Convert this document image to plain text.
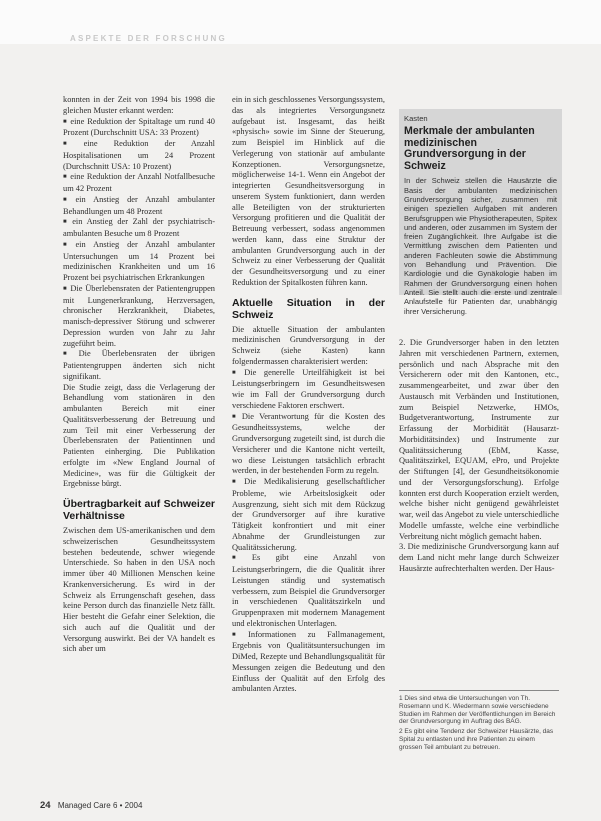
ASPEKTE DER FORSCHUNG

konnten in der Zeit von 1994 bis 1998 die gleichen Muster erkannt werden:

■ eine Reduktion der Spitaltage um rund 40 Prozent (Durchschnitt USA: 33 Prozent)

■ eine Reduktion der Anzahl Hospitalisationen um 24 Prozent (Durchschnitt USA: 10 Prozent)

■ eine Reduktion der Anzahl Notfallbesuche um 42 Prozent

■ ein Anstieg der Anzahl ambulanter Behandlungen um 48 Prozent

■ ein Anstieg der Zahl der psychiatrisch-ambulanten Besuche um 8 Prozent

■ ein Anstieg der Anzahl ambulanter Untersuchungen um 14 Prozent bei medizinischen Krankheiten und um 16 Prozent bei psychiatrischen Erkrankungen

■ Die Überlebensraten der Patientengruppen mit Lungenerkrankung, Herzversagen, chronischer Herzkrankheit, Diabetes, manisch-depressiver Störung und schwerer Depression wurden von Jahr zu Jahr zugeführt beim.

■ Die Überlebensraten der übrigen Patientengruppen änderten sich nicht signifikant.

Die Studie zeigt, dass die Verlagerung der Behandlung vom stationären in den ambulanten Bereich mit einer Qualitätsverbesserung der Betreuung und zum Teil mit einer Verbesserung der Überlebensraten der Patientinnen und Patienten einherging. Die Publikation erfolgte im «New England Journal of Medicine», was für die Gültigkeit der Ergebnisse bürgt.

Übertragbarkeit auf Schweizer Verhältnisse

Zwischen dem US-amerikanischen und dem schweizerischen Gesundheitssystem bestehen bedeutende, schwer wiegende Unterschiede. So haben in den USA noch immer über 40 Millionen Menschen keine Krankenversicherung. Es wird in der Schweiz als Errungenschaft gesehen, dass keine Person durch das finanzielle Netz fällt. Hier besteht die Gefahr einer Selektion, die sich auch auf die Qualität und der Versorgung auswirkt. Bei der VA handelt es sich aber um

ein in sich geschlossenes Versorgungssystem, das als integriertes Versorgungsnetz aufgebaut ist. Insgesamt, das heißt «physisch» sowie im Sinne der Steuerung, zum Beispiel im Hinblick auf die Verlegerung von stationär auf ambulante Konzeptionen. Versorgungsnetze, möglicherweise 14-1. Wenn ein Angebot der integrierten Gesundheitsversorgung in unserem System funktioniert, dann werden alle Beteiligten von der strukturierten Versorgung profitieren und die Qualität der Betreuung verbessert, sodass angenommen werden kann, dass eine Struktur der ambulanten Grundversorgung auch in der Schweiz zu einer Verbesserung der Qualität der Gesundheitsversorgung und zu einer Reduktion der Spitalkosten führen kann.

Aktuelle Situation in der Schweiz

Die aktuelle Situation der ambulanten medizinischen Grundversorgung in der Schweiz (siehe Kasten) kann folgendermassen charakterisiert werden:

■ Die generelle Urteilfähigkeit ist bei Leistungserbringern im Gesundheitswesen wie im Fall der Grundversorgung durch verschiedene Faktoren erschwert.

■ Die Verantwortung für die Kosten des Gesundheitssystems, welche der Grundversorgung zugeteilt sind, ist durch die Versicherer und die Kantone nicht verteilt, wo diese Leistungen tatsächlich erbracht werden, in der bestehenden Form zu regeln.

■ Die Medikalisierung gesellschaftlicher Probleme, wie Arbeitslosigkeit oder Ausgrenzung, sieht sich mit dem Rückzug der Grundversorger auf ihre kurative Tätigkeit konfrontiert und mit einer Abnahme der Grundleistungen zur Qualitätssicherung.

■ Es gibt eine Anzahl von Leistungserbringern, die die Qualität ihrer Leistungen ständig und systematisch verbessern, zum Beispiel die Grundversorger in verschiedenen Qualitätszirkeln und Gruppenpraxen mit modernem Management und elektronischen Unterlagen.

■ Informationen zu Fallmanagement, Ergebnis von Qualitätsuntersuchungen im DiMed, Rezepte und Behandlungsqualität für Messungen zeigen die Bedeutung und den Einfluss der Qualität auf den Erfolg des ambulanten Arztes.

Kasten
Merkmale der ambulanten medizinischen Grundversorgung in der Schweiz
In der Schweiz stellen die Hausärzte die Basis der ambulanten medizinischen Grundversorgung sicher, zusammen mit einigen speziellen Aufgaben mit anderen Berufsgruppen wie Physiotherapeuten, Spitex und anderen, oder zusammen im System der freien Zugänglichkeit. Ihre Aufgabe ist die Vermittlung zwischen dem Patienten und anderen Fachleuten sowie die Abstimmung von Behandlung und Prävention. Die Kardiologie und die Gynäkologie haben im Rahmen der Grundversorgung einen hohen Anteil. Sie stellt auch die erste und zentrale Anlaufstelle für Patienten dar, unabhängig ihrer Versicherung.

2. Die Grundversorger haben in den letzten Jahren mit verschiedenen Partnern, externen, persönlich und nach Absprache mit den Versicherern oder mit den Kantonen, etc., zusammengearbeitet, und zwar über den Austausch mit Verbänden und Institutionen, zum Beispiel Netzwerke, HMOs, Budgetverantwortung, Instrumente zur Erfassung der Morbidität (Hausarzt-Morbiditätsindex) und Instrumente zur Qualitätssicherung (EbM, Kasse, Qualitätszirkel, EQUAM, ePro, und Projekte der Stiftungen [4], der Gesundheitsökonomie und der Versorgungsforschung). Erfolge konnten erst durch Kooperation erzielt werden, welche bisher nicht genügend gewährleistet war, weil das Angebot zu viele unterschiedliche Modelle umfasste, welche eine verbindliche Verbreitung nicht möglich gemacht haben.

3. Die medizinische Grundversorgung kann auf dem Land nicht mehr lange durch Schweizer Hausärzte aufrechterhalten werden. Der Haus-

1 Dies sind etwa die Untersuchungen von Th. Rosemann und K. Wiedermann sowie verschiedene Studien im Rahmen der Veröffentlichungen im Bereich der Grundversorgung im Auftrag des BAG.

2 Es gibt eine Tendenz der Schweizer Hausärzte, das Spital zu entlasten und ihre Patienten zu einem grossen Teil ambulant zu betreuen.

24 Managed Care 6 • 2004
